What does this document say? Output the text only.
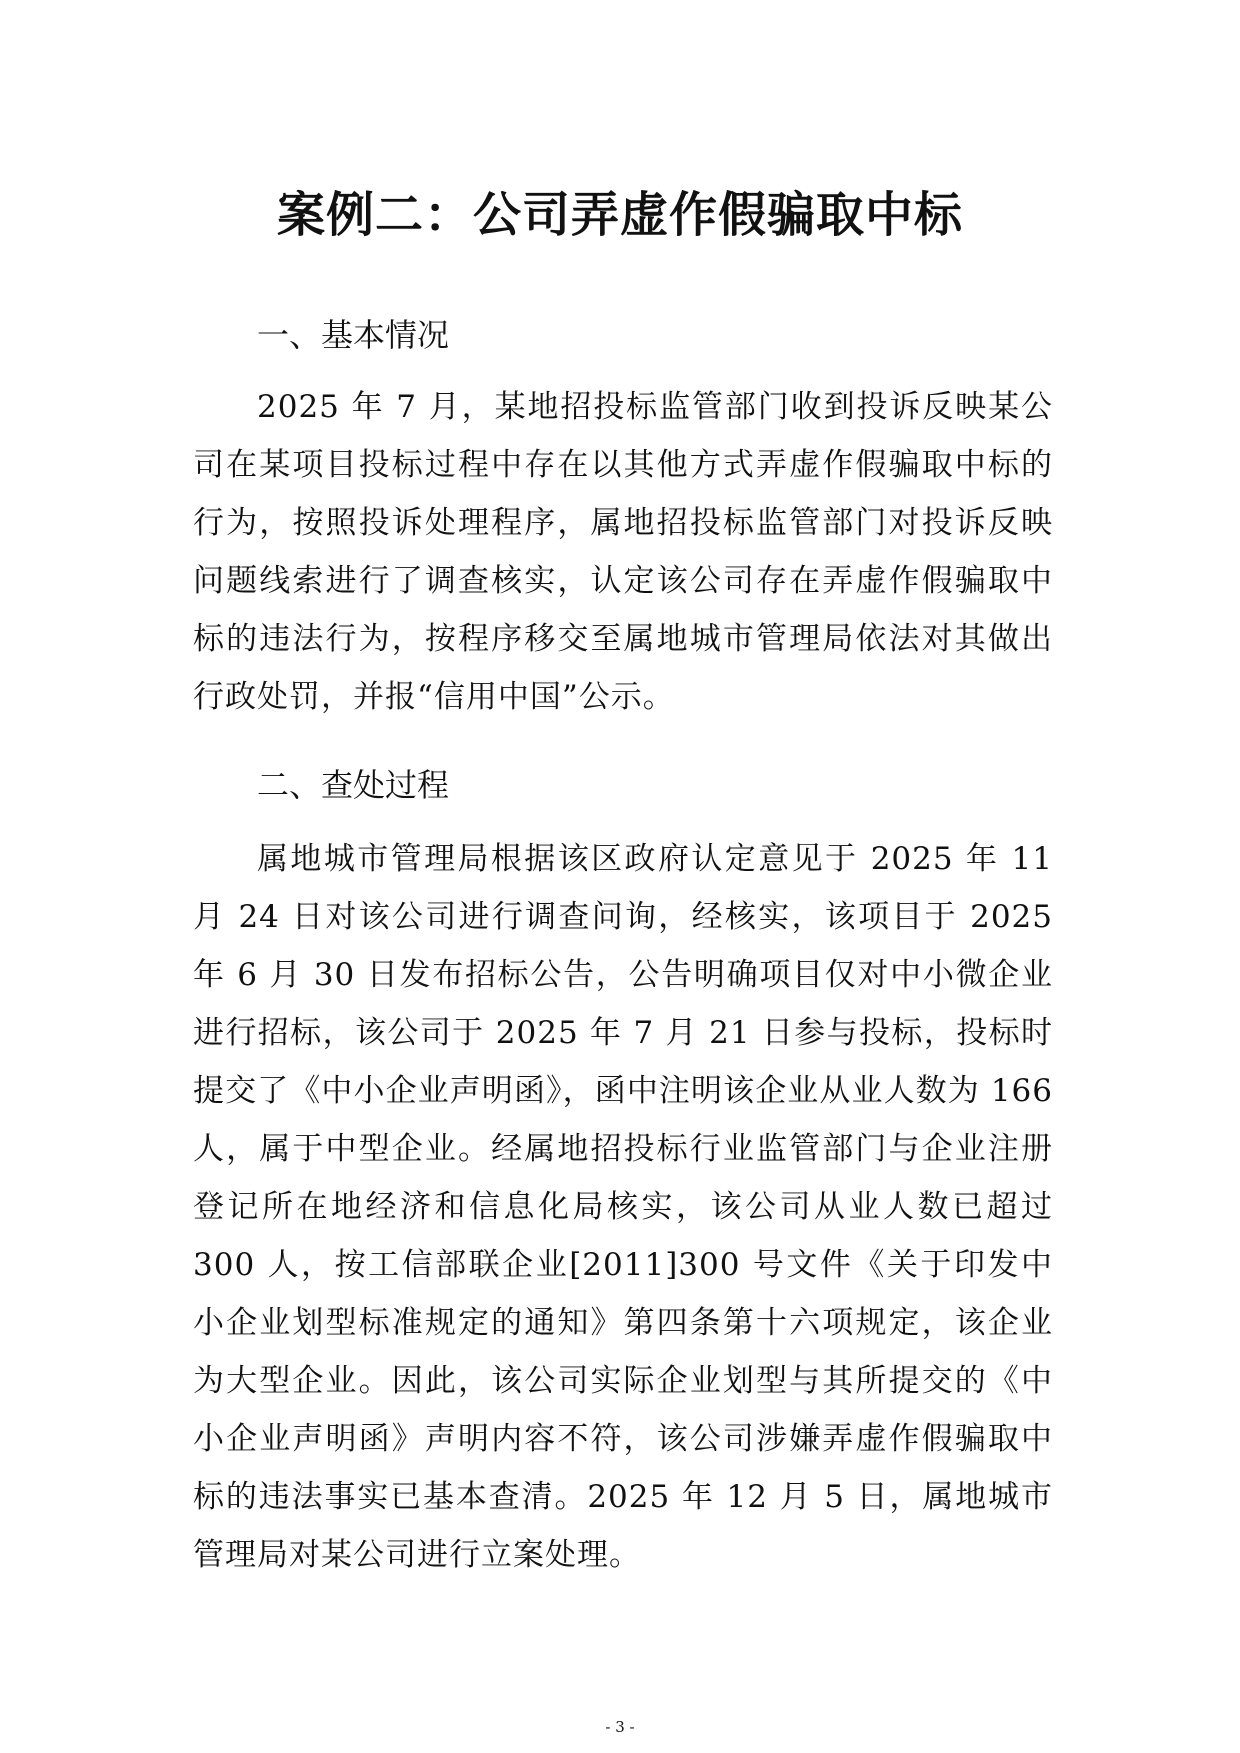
案例二：公司弄虚作假骗取中标
一、基本情况

2025 年 7 月，某地招投标监管部门收到投诉反映某公司在某项目投标过程中存在以其他方式弄虚作假骗取中标的行为，按照投诉处理程序，属地招投标监管部门对投诉反映问题线索进行了调查核实，认定该公司存在弄虚作假骗取中标的违法行为，按程序移交至属地城市管理局依法对其做出行政处罚，并报“信用中国”公示。

二、查处过程

属地城市管理局根据该区政府认定意见于 2025 年 11 月 24 日对该公司进行调查问询，经核实，该项目于 2025 年 6 月 30 日发布招标公告，公告明确项目仅对中小微企业进行招标，该公司于 2025 年 7 月 21 日参与投标，投标时提交了《中小企业声明函》，函中注明该企业从业人数为 166 人，属于中型企业。经属地招投标行业监管部门与企业注册登记所在地经济和信息化局核实，该公司从业人数已超过 300 人，按工信部联企业[2011]300 号文件《关于印发中小企业划型标准规定的通知》第四条第十六项规定，该企业为大型企业。因此，该公司实际企业划型与其所提交的《中小企业声明函》声明内容不符，该公司涉嫌弄虚作假骗取中标的违法事实已基本查清。2025 年 12 月 5 日，属地城市管理局对某公司进行立案处理。

- 3 -
